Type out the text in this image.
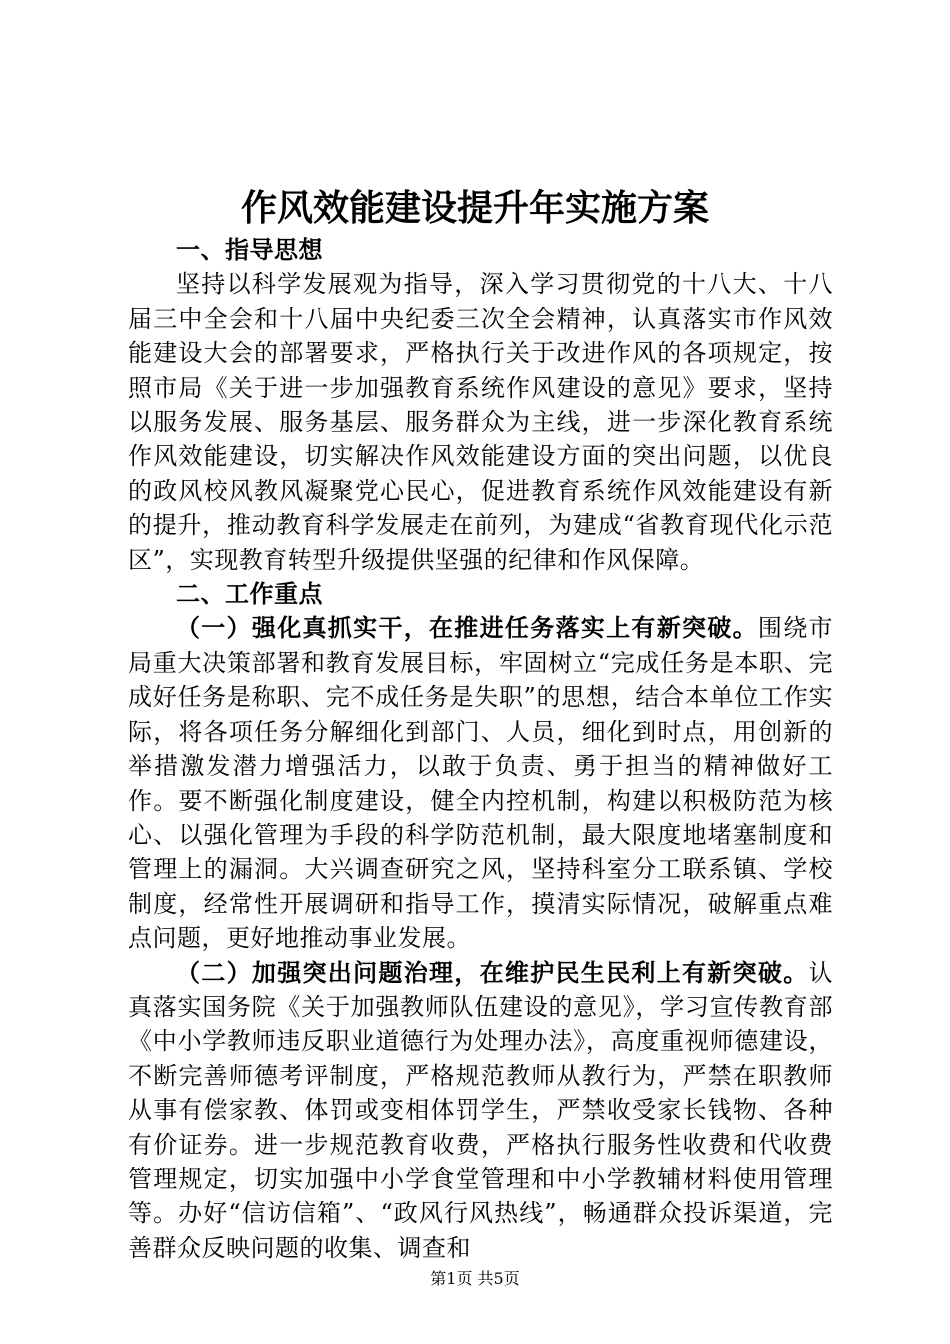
作风效能建设提升年实施方案

一、指导思想

坚持以科学发展观为指导，深入学习贯彻党的十八大、十八届三中全会和十八届中央纪委三次全会精神，认真落实市作风效能建设大会的部署要求，严格执行关于改进作风的各项规定，按照市局《关于进一步加强教育系统作风建设的意见》要求，坚持以服务发展、服务基层、服务群众为主线，进一步深化教育系统作风效能建设，切实解决作风效能建设方面的突出问题，以优良的政风校风教风凝聚党心民心，促进教育系统作风效能建设有新的提升，推动教育科学发展走在前列，为建成“省教育现代化示范区”，实现教育转型升级提供坚强的纪律和作风保障。

二、工作重点

（一）强化真抓实干，在推进任务落实上有新突破。围绕市局重大决策部署和教育发展目标，牢固树立“完成任务是本职、完成好任务是称职、完不成任务是失职”的思想，结合本单位工作实际，将各项任务分解细化到部门、人员，细化到时点，用创新的举措激发潜力增强活力，以敢于负责、勇于担当的精神做好工作。要不断强化制度建设，健全内控机制，构建以积极防范为核心、以强化管理为手段的科学防范机制，最大限度地堵塞制度和管理上的漏洞。大兴调查研究之风，坚持科室分工联系镇、学校制度，经常性开展调研和指导工作，摸清实际情况，破解重点难点问题，更好地推动事业发展。

（二）加强突出问题治理，在维护民生民利上有新突破。认真落实国务院《关于加强教师队伍建设的意见》，学习宣传教育部《中小学教师违反职业道德行为处理办法》，高度重视师德建设，不断完善师德考评制度，严格规范教师从教行为，严禁在职教师从事有偿家教、体罚或变相体罚学生，严禁收受家长钱物、各种有价证券。进一步规范教育收费，严格执行服务性收费和代收费管理规定，切实加强中小学食堂管理和中小学教辅材料使用管理等。办好“信访信箱”、“政风行风热线”，畅通群众投诉渠道，完善群众反映问题的收集、调查和

第1页 共5页
